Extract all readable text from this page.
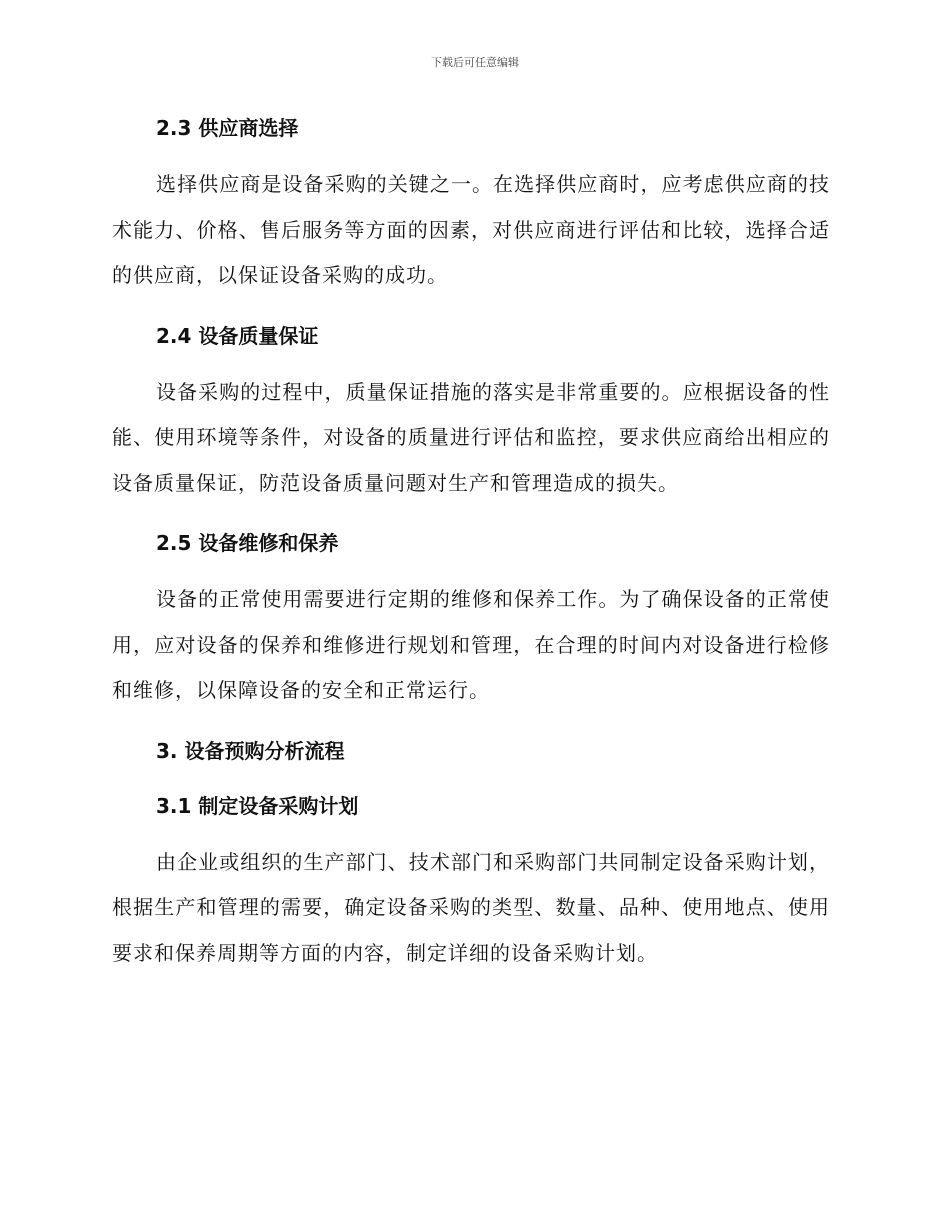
下载后可任意编辑
2.3 供应商选择

选择供应商是设备采购的关键之一。在选择供应商时，应考虑供应商的技术能力、价格、售后服务等方面的因素，对供应商进行评估和比较，选择合适的供应商，以保证设备采购的成功。

2.4 设备质量保证

设备采购的过程中，质量保证措施的落实是非常重要的。应根据设备的性能、使用环境等条件，对设备的质量进行评估和监控，要求供应商给出相应的设备质量保证，防范设备质量问题对生产和管理造成的损失。

2.5 设备维修和保养

设备的正常使用需要进行定期的维修和保养工作。为了确保设备的正常使用，应对设备的保养和维修进行规划和管理，在合理的时间内对设备进行检修和维修，以保障设备的安全和正常运行。

3. 设备预购分析流程
3.1 制定设备采购计划

由企业或组织的生产部门、技术部门和采购部门共同制定设备采购计划，根据生产和管理的需要，确定设备采购的类型、数量、品种、使用地点、使用要求和保养周期等方面的内容，制定详细的设备采购计划。
